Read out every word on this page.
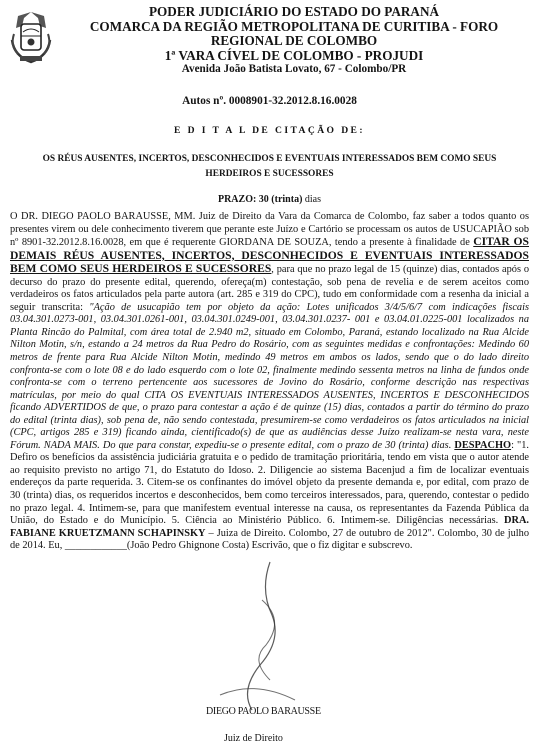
PODER JUDICIÁRIO DO ESTADO DO PARANÁ
COMARCA DA REGIÃO METROPOLITANA DE CURITIBA - FORO
REGIONAL DE COLOMBO
1ª VARA CÍVEL DE COLOMBO - PROJUDI
Avenida João Batista Lovato, 67 - Colombo/PR
Autos nº. 0008901-32.2012.8.16.0028
E D I T A L DE CITAÇÃO DE:
OS RÉUS AUSENTES, INCERTOS, DESCONHECIDOS E EVENTUAIS INTERESSADOS BEM COMO SEUS HERDEIROS E SUCESSORES
PRAZO: 30 (trinta) dias

O DR. DIEGO PAOLO BARAUSSE, MM. Juiz de Direito da Vara da Comarca de Colombo, faz saber a todos quanto os presentes virem ou dele conhecimento tiverem que perante este Juízo e Cartório se processam os autos de USUCAPIÃO sob nº 8901-32.2012.8.16.0028, em que é requerente GIORDANA DE SOUZA, tendo a presente à finalidade de CITAR OS DEMAIS RÉUS AUSENTES, INCERTOS, DESCONHECIDOS E EVENTUAIS INTERESSADOS BEM COMO SEUS HERDEIROS E SUCESSORES, para que no prazo legal de 15 (quinze) dias, contados após o decurso do prazo do presente edital, querendo, ofereça(m) contestação, sob pena de revelia e de serem aceitos como verdadeiros os fatos articulados pela parte autora (art. 285 e 319 do CPC), tudo em conformidade com a resenha da inicial a seguir transcrita: "Ação de usucapião tem por objeto da ação: Lotes unificados 3/4/5/6/7 com indicações fiscais 03.04.301.0273-001, 03.04.301.0261-001, 03.04.301.0249-001, 03.04.301.0237- 001 e 03.04.01.0225-001 localizados na Planta Rincão do Palmital, com área total de 2.940 m2, situado em Colombo, Paraná, estando localizado na Rua Alcide Nilton Motin, s/n, estando a 24 metros da Rua Pedro do Rosário, com as seguintes medidas e confrontações: Medindo 60 metros de frente para Rua Alcide Nilton Motin, medindo 49 metros em ambos os lados, sendo que o do lado direito confronta-se com o lote 08 e do lado esquerdo com o lote 02, finalmente medindo sessenta metros na linha de fundos onde confronta-se com o terreno pertencente aos sucessores de Jovino do Rosário, conforme descrição nas respectivas matrículas, por meio do qual CITA OS EVENTUAIS INTERESSADOS AUSENTES, INCERTOS E DESCONHECIDOS ficando ADVERTIDOS de que, o prazo para contestar a ação é de quinze (15) dias, contados a partir do término do prazo do edital (trinta dias), sob pena de, não sendo contestada, presumirem-se como verdadeiros os fatos articulados na inicial (CPC, artigos 285 e 319) ficando ainda, cientificado(s) de que as audiências desse Juízo realizam-se nesta vara, neste Fórum. NADA MAIS. Do que para constar, expediu-se o presente edital, com o prazo de 30 (trinta) dias. DESPACHO: "1. Defiro os benefícios da assistência judiciária gratuita e o pedido de tramitação prioritária, tendo em vista que o autor atende ao requisito previsto no artigo 71, do Estatuto do Idoso. 2. Diligencie ao sistema Bacenjud a fim de localizar eventuais endereços da parte requerida. 3. Citem-se os confinantes do imóvel objeto da presente demanda e, por edital, com prazo de 30 (trinta) dias, os requeridos incertos e desconhecidos, bem como terceiros interessados, para, querendo, contestar o pedido no prazo legal. 4. Intimem-se, para que manifestem eventual interesse na causa, os representantes da Fazenda Pública da União, do Estado e do Município. 5. Ciência ao Ministério Público. 6. Intimem-se. Diligências necessárias. DRA. FABIANE KRUETZMANN SCHAPINSKY – Juiza de Direito. Colombo, 27 de outubro de 2012". Colombo, 30 de julho de 2014. Eu, ____________(João Pedro Ghignone Costa) Escrivão, que o fiz digitar e subscrevo.

DIEGO PAOLO BARAUSSE
Juiz de Direito
